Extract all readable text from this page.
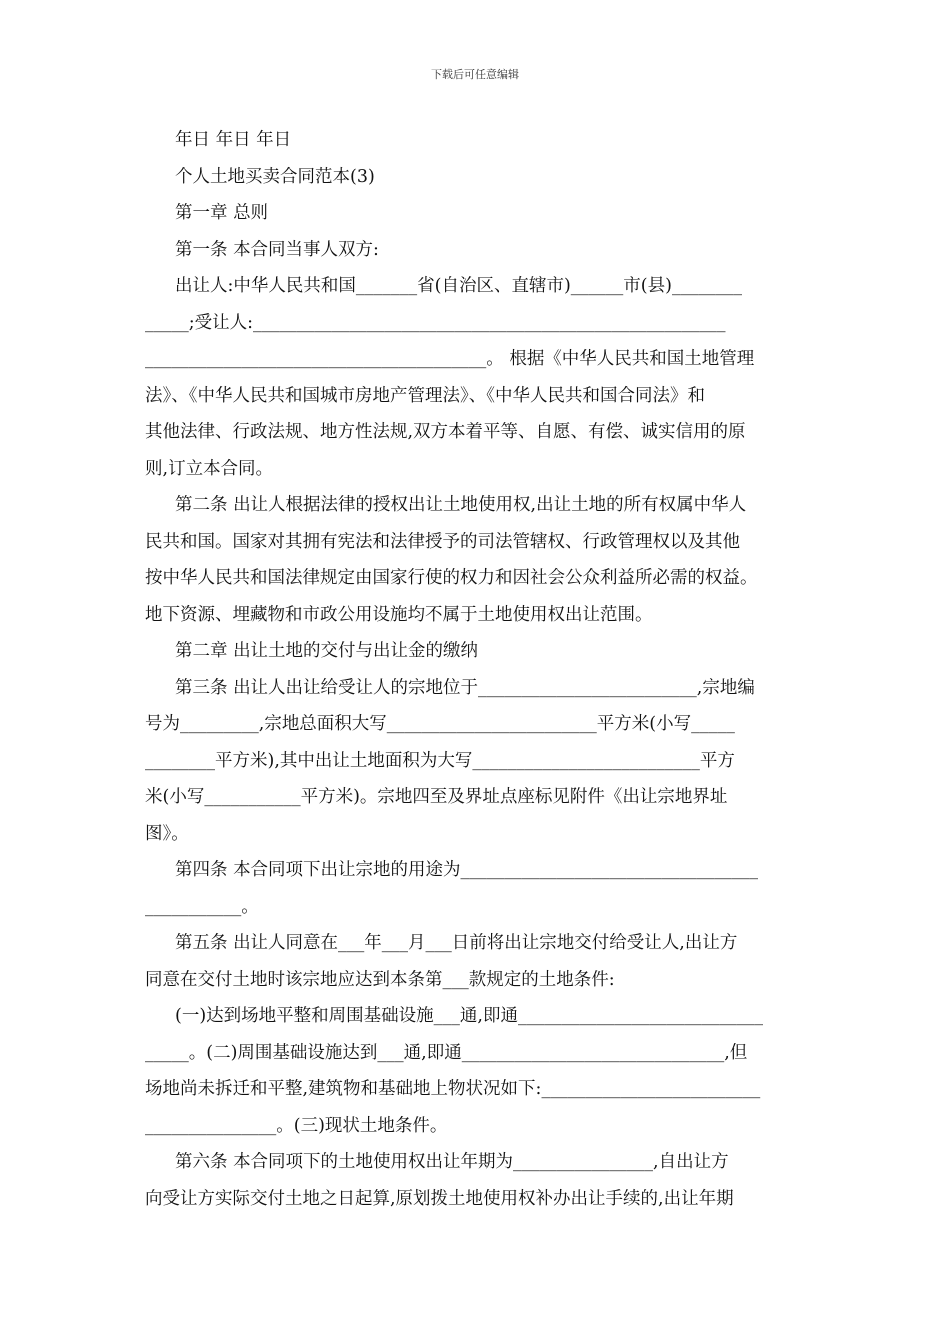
下载后可任意编辑
年日 年日 年日
个人土地买卖合同范本(3)
第一章 总则
第一条 本合同当事人双方:
出让人:中华人民共和国_______省(自治区、直辖市)______市(县)________
_____;受让人:______________________________________________________
_______________________________________。 根据《中华人民共和国土地管理
法》、《中华人民共和国城市房地产管理法》、《中华人民共和国合同法》和
其他法律、行政法规、地方性法规,双方本着平等、自愿、有偿、诚实信用的原
则,订立本合同。
第二条 出让人根据法律的授权出让土地使用权,出让土地的所有权属中华人
民共和国。国家对其拥有宪法和法律授予的司法管辖权、行政管理权以及其他
按中华人民共和国法律规定由国家行使的权力和因社会公众利益所必需的权益。
地下资源、埋藏物和市政公用设施均不属于土地使用权出让范围。
第二章 出让土地的交付与出让金的缴纳
第三条 出让人出让给受让人的宗地位于_________________________,宗地编
号为_________,宗地总面积大写________________________平方米(小写_____
________平方米),其中出让土地面积为大写__________________________平方
米(小写___________平方米)。宗地四至及界址点座标见附件《出让宗地界址
图》。
第四条 本合同项下出让宗地的用途为__________________________________
___________。
第五条 出让人同意在___年___月___日前将出让宗地交付给受让人,出让方
同意在交付土地时该宗地应达到本条第___款规定的土地条件:
(一)达到场地平整和周围基础设施___通,即通____________________________
_____。(二)周围基础设施达到___通,即通______________________________,但
场地尚未拆迁和平整,建筑物和基础地上物状况如下:_________________________
_______________。(三)现状土地条件。
第六条 本合同项下的土地使用权出让年期为________________,自出让方
向受让方实际交付土地之日起算,原划拨土地使用权补办出让手续的,出让年期
